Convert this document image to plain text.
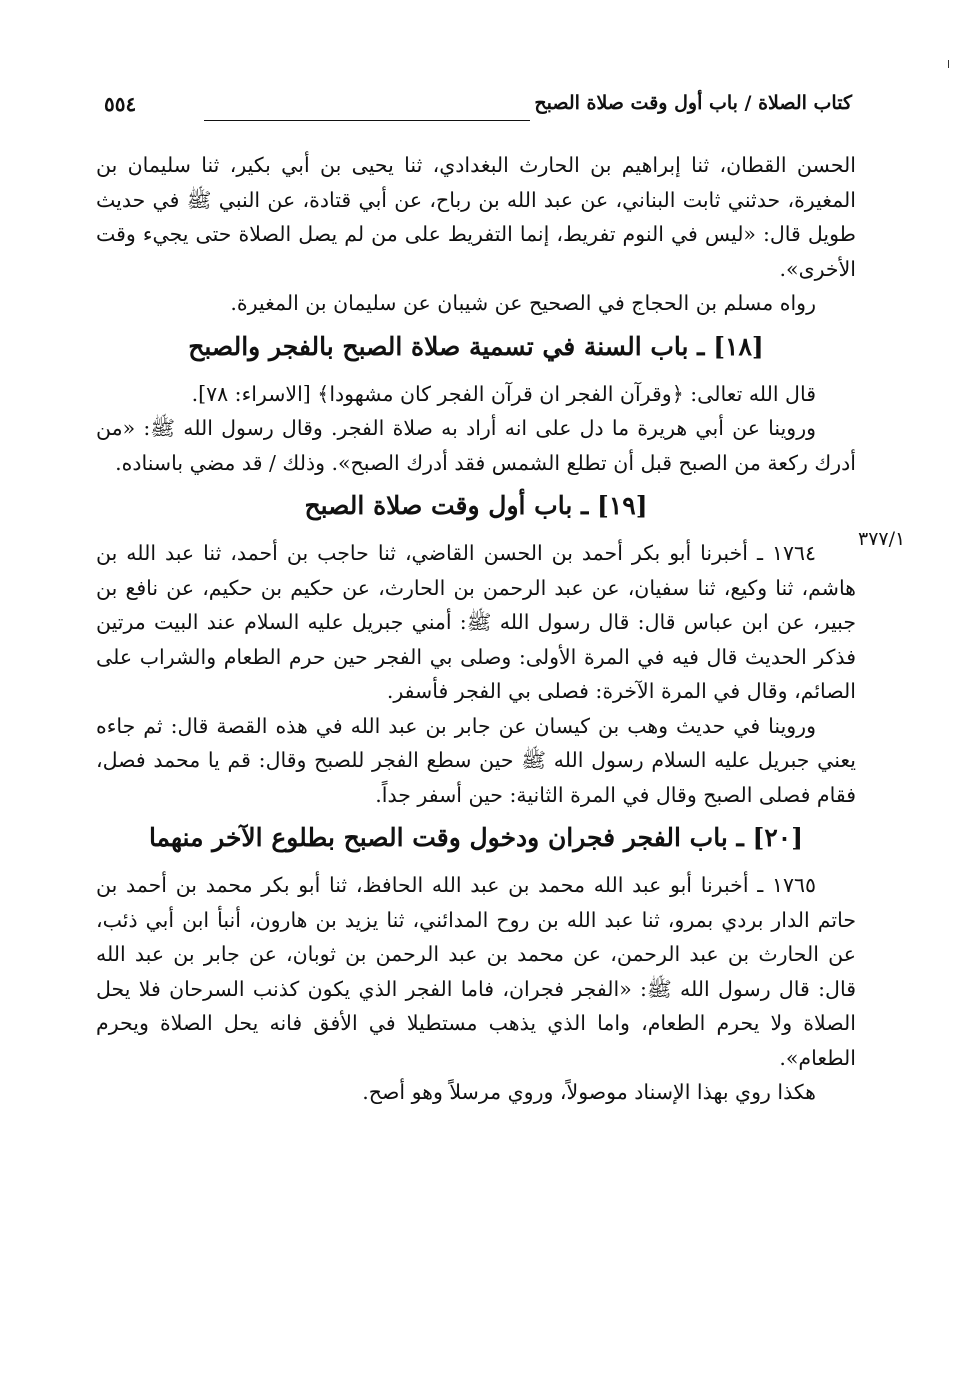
كتاب الصلاة / باب أول وقت صلاة الصبح
٥٥٤
٣٧٧/١

الحسن القطان، ثنا إبراهيم بن الحارث البغدادي، ثنا يحيى بن أبي بكير، ثنا سليمان بن المغيرة، حدثني ثابت البناني، عن عبد الله بن رباح، عن أبي قتادة، عن النبي ﷺ في حديث طويل قال: «ليس في النوم تفريط، إنما التفريط على من لم يصل الصلاة حتى يجيء وقت الأخرى».

رواه مسلم بن الحجاج في الصحيح عن شيبان عن سليمان بن المغيرة.

[١٨] ـ باب السنة في تسمية صلاة الصبح بالفجر والصبح

قال الله تعالى: ﴿وقرآن الفجر ان قرآن الفجر كان مشهودا﴾ [الاسراء: ٧٨].

وروينا عن أبي هريرة ما دل على انه أراد به صلاة الفجر. وقال رسول الله ﷺ: «من أدرك ركعة من الصبح قبل أن تطلع الشمس فقد أدرك الصبح». وذلك / قد مضي باسناده.

[١٩] ـ باب أول وقت صلاة الصبح

١٧٦٤ ـ أخبرنا أبو بكر أحمد بن الحسن القاضي، ثنا حاجب بن أحمد، ثنا عبد الله بن هاشم، ثنا وكيع، ثنا سفيان، عن عبد الرحمن بن الحارث، عن حكيم بن حكيم، عن نافع بن جبير، عن ابن عباس قال: قال رسول الله ﷺ: أمني جبريل عليه السلام عند البيت مرتين فذكر الحديث قال فيه في المرة الأولى: وصلى بي الفجر حين حرم الطعام والشراب على الصائم، وقال في المرة الآخرة: فصلى بي الفجر فأسفر.

وروينا في حديث وهب بن كيسان عن جابر بن عبد الله في هذه القصة قال: ثم جاءه يعني جبريل عليه السلام رسول الله ﷺ حين سطع الفجر للصبح وقال: قم يا محمد فصل، فقام فصلى الصبح وقال في المرة الثانية: حين أسفر جداً.

[٢٠] ـ باب الفجر فجران ودخول وقت الصبح بطلوع الآخر منهما

١٧٦٥ ـ أخبرنا أبو عبد الله محمد بن عبد الله الحافظ، ثنا أبو بكر محمد بن أحمد بن حاتم الدار بردي بمرو، ثنا عبد الله بن روح المدائني، ثنا يزيد بن هارون، أنبأ ابن أبي ذئب، عن الحارث بن عبد الرحمن، عن محمد بن عبد الرحمن بن ثوبان، عن جابر بن عبد الله قال: قال رسول الله ﷺ: «الفجر فجران، فاما الفجر الذي يكون كذنب السرحان فلا يحل الصلاة ولا يحرم الطعام، واما الذي يذهب مستطيلا في الأفق فانه يحل الصلاة ويحرم الطعام».

هكذا روي بهذا الإسناد موصولاً، وروي مرسلاً وهو أصح.
